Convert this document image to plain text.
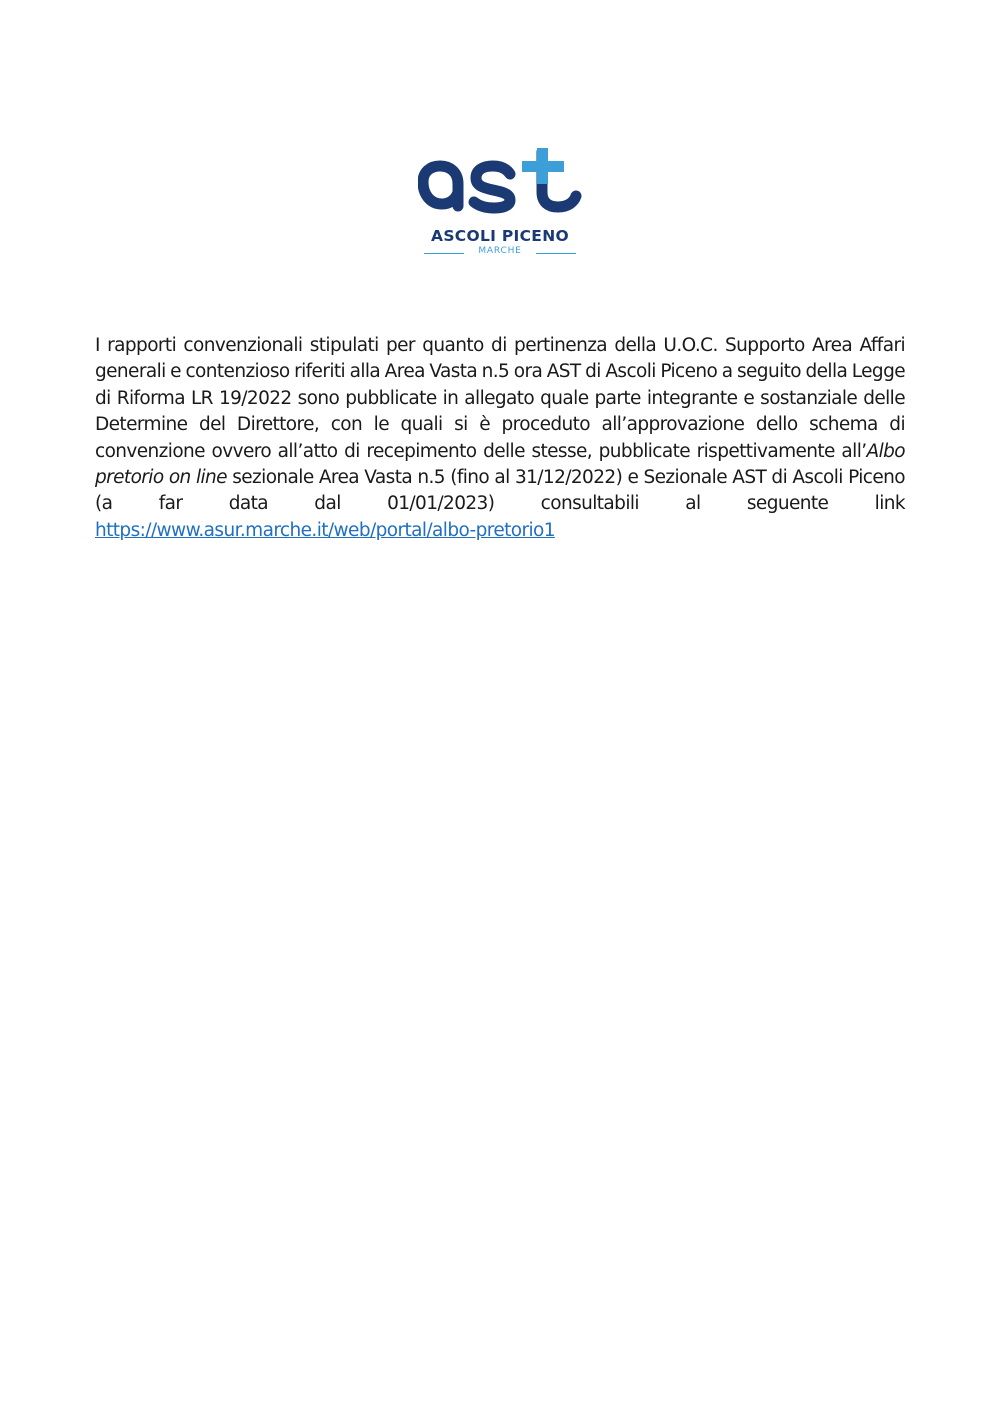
ASCOLI PICENO
MARCHE

I rapporti convenzionali stipulati per quanto di pertinenza della U.O.C. Supporto Area Affari generali e contenzioso riferiti alla Area Vasta n.5 ora AST di Ascoli Piceno a seguito della Legge di Riforma LR 19/2022 sono pubblicate in allegato quale parte integrante e sostanziale delle Determine del Direttore, con le quali si è proceduto all’approvazione dello schema di convenzione ovvero all’atto di recepimento delle stesse, pubblicate rispettivamente all’Albo pretorio on line sezionale Area Vasta n.5 (fino al 31/12/2022) e Sezionale AST di Ascoli Piceno (a far data dal 01/01/2023) consultabili al seguente link https://www.asur.marche.it/web/portal/albo-pretorio1
